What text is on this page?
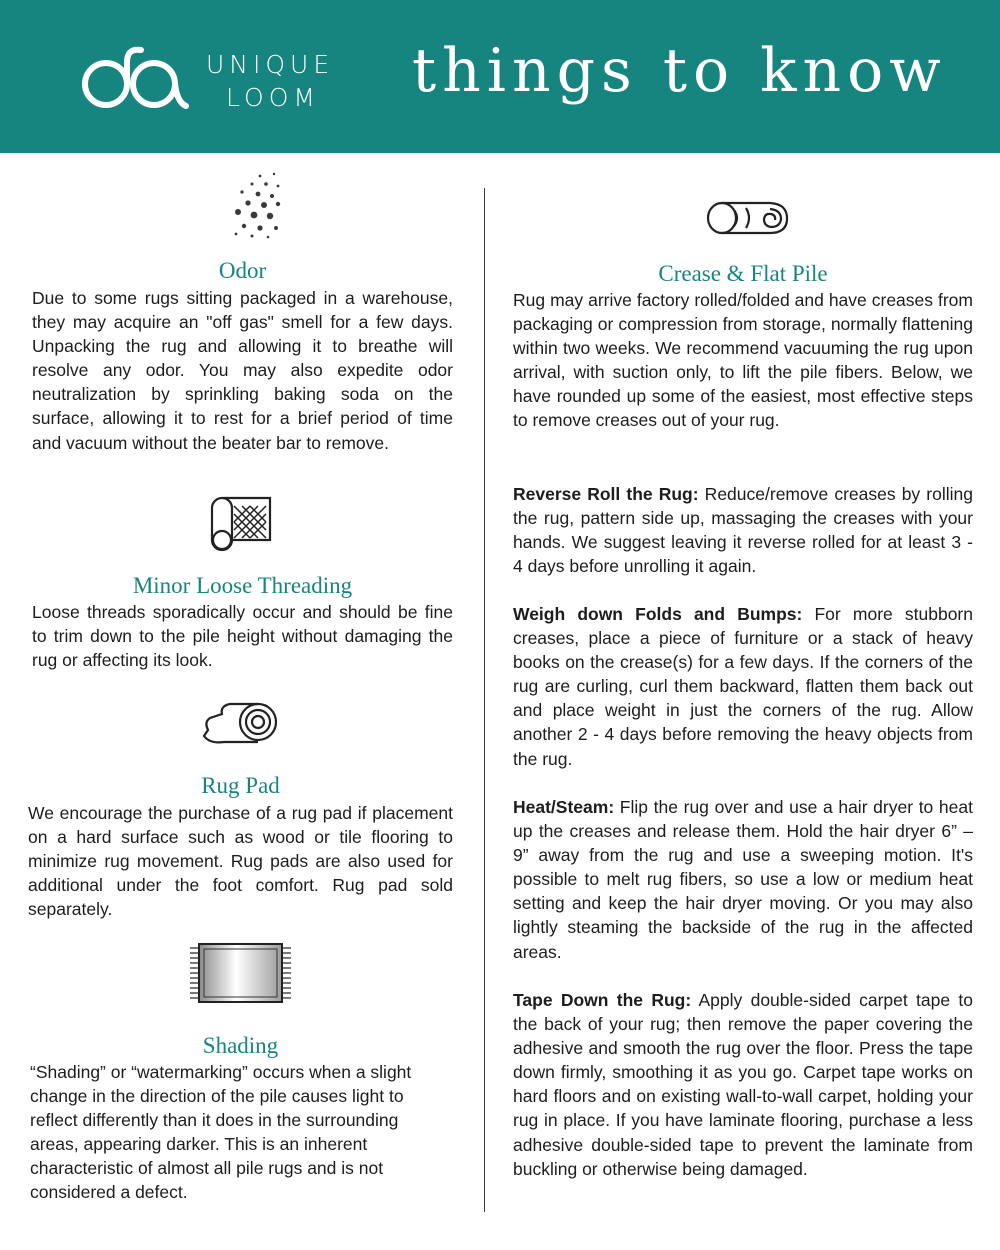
UNIQUE
LOOM things to know
Odor

Due to some rugs sitting packaged in a warehouse, they may acquire an "off gas" smell for a few days. Unpacking the rug and allowing it to breathe will resolve any odor. You may also expedite odor neutralization by sprinkling baking soda on the surface, allowing it to rest for a brief period of time and vacuum without the beater bar to remove.

Minor Loose Threading

Loose threads sporadically occur and should be fine to trim down to the pile height without damaging the rug or affecting its look.

Rug Pad

We encourage the purchase of a rug pad if placement on a hard surface such as wood or tile flooring to minimize rug movement. Rug pads are also used for additional under the foot comfort. Rug pad sold separately.

Shading

“Shading” or “watermarking” occurs when a slight change in the direction of the pile causes light to reflect differently than it does in the surrounding areas, appearing darker. This is an inherent characteristic of almost all pile rugs and is not considered a defect.

Crease & Flat Pile

Rug may arrive factory rolled/folded and have creases from packaging or compression from storage, normally flattening within two weeks. We recommend vacuuming the rug upon arrival, with suction only, to lift the pile fibers. Below, we have rounded up some of the easiest, most effective steps to remove creases out of your rug.

Reverse Roll the Rug: Reduce/remove creases by rolling the rug, pattern side up, massaging the creases with your hands. We suggest leaving it reverse rolled for at least 3 - 4 days before unrolling it again.

Weigh down Folds and Bumps: For more stubborn creases, place a piece of furniture or a stack of heavy books on the crease(s) for a few days. If the corners of the rug are curling, curl them backward, flatten them back out and place weight in just the corners of the rug. Allow another 2 - 4 days before removing the heavy objects from the rug.

Heat/Steam: Flip the rug over and use a hair dryer to heat up the creases and release them. Hold the hair dryer 6” – 9” away from the rug and use a sweeping motion. It's possible to melt rug fibers, so use a low or medium heat setting and keep the hair dryer moving. Or you may also lightly steaming the backside of the rug in the affected areas.

Tape Down the Rug: Apply double-sided carpet tape to the back of your rug; then remove the paper covering the adhesive and smooth the rug over the floor. Press the tape down firmly, smoothing it as you go. Carpet tape works on hard floors and on existing wall-to-wall carpet, holding your rug in place. If you have laminate flooring, purchase a less adhesive double-sided tape to prevent the laminate from buckling or otherwise being damaged.
